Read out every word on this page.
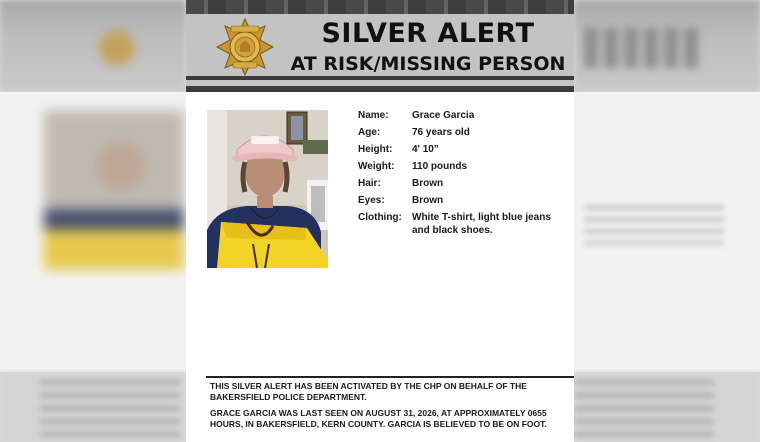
SILVER ALERT
AT RISK/MISSING PERSON
Name:	Grace Garcia
Age:	76 years old
Height:	4' 10”
Weight:	110 pounds
Hair:	Brown
Eyes:	Brown
Clothing:	White T-shirt, light blue jeans and black shoes.
THIS SILVER ALERT HAS BEEN ACTIVATED BY THE CHP ON BEHALF OF THE BAKERSFIELD POLICE DEPARTMENT.
GRACE GARCIA WAS LAST SEEN ON AUGUST 31, 2026, AT APPROXIMATELY 0655 HOURS, IN BAKERSFIELD, KERN COUNTY. GARCIA IS BELIEVED TO BE ON FOOT.
